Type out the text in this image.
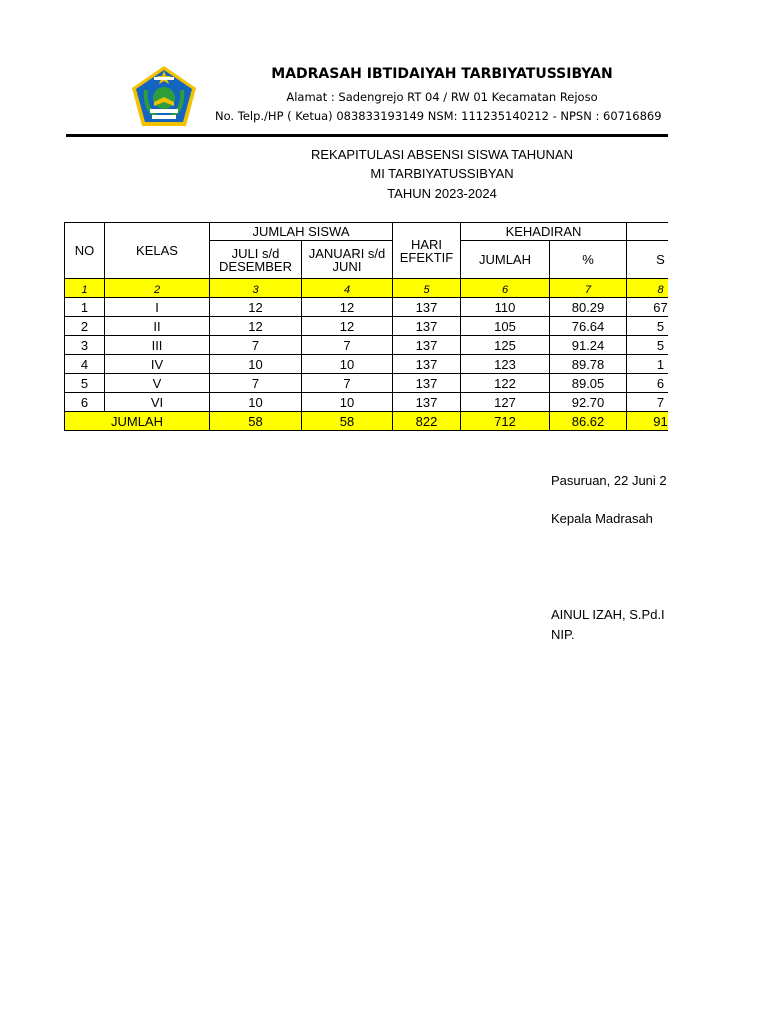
MADRASAH IBTIDAIYAH TARBIYATUSSIBYAN
Alamat : Sadengrejo RT 04 / RW 01 Kecamatan Rejoso
No. Telp./HP ( Ketua) 083833193149 NSM: 111235140212 - NPSN : 60716869
REKAPITULASI ABSENSI SISWA TAHUNAN
MI TARBIYATUSSIBYAN
TAHUN 2023-2024
NO	KELAS	JUMLAH SISWA		HARI EFEKTIF	KEHADIRAN		
		JULI s/d DESEMBER	JANUARI s/d JUNI		JUMLAH	%	S
1	2	3	4	5	6	7	8
1	I	12	12	137	110	80.29	67
2	II	12	12	137	105	76.64	5
3	III	7	7	137	125	91.24	5
4	IV	10	10	137	123	89.78	1
5	V	7	7	137	122	89.05	6
6	VI	10	10	137	127	92.70	7
JUMLAH		58	58	822	712	86.62	91
Pasuruan, 22 Juni 2
Kepala Madrasah
AINUL IZAH, S.Pd.I
NIP.
